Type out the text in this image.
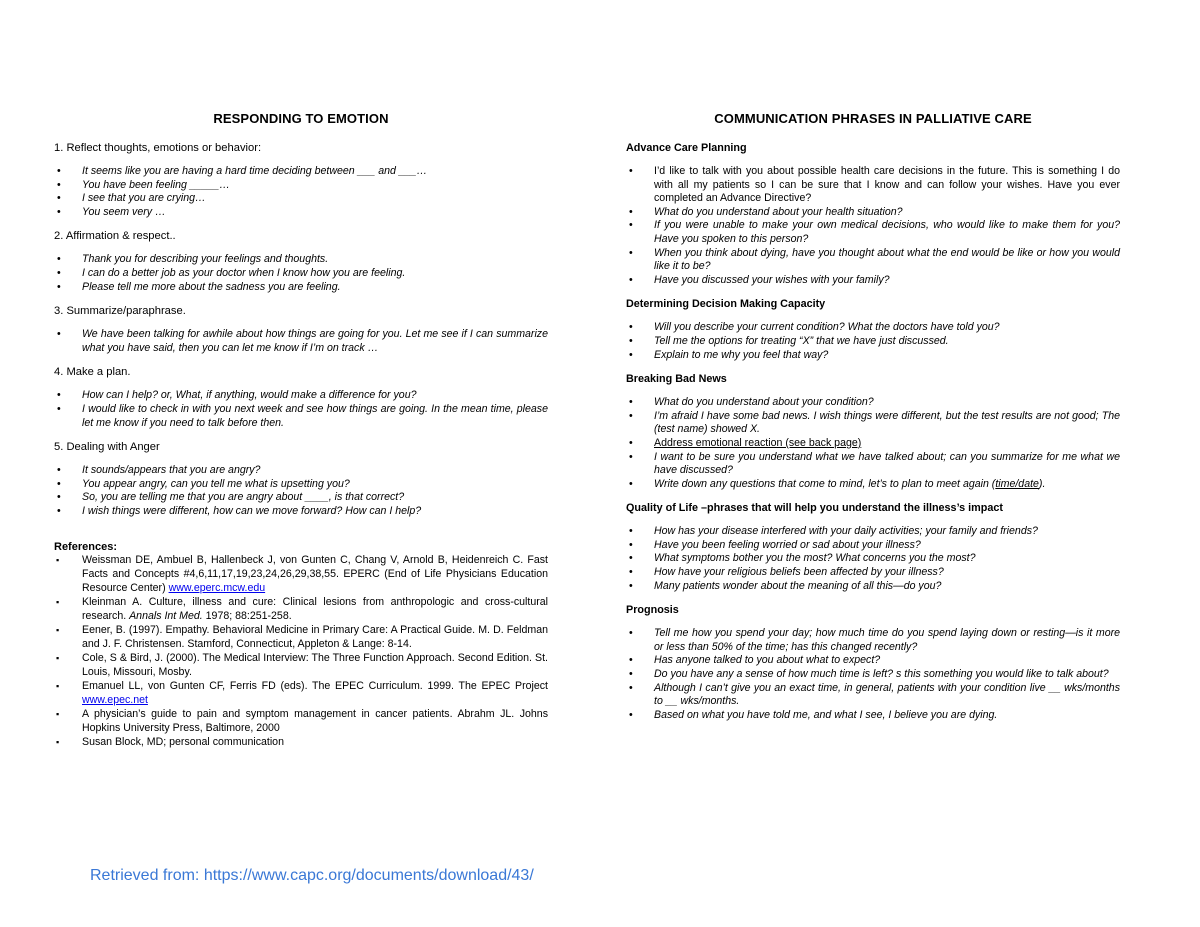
RESPONDING TO EMOTION
1. Reflect thoughts, emotions or behavior:
• It seems like you are having a hard time deciding between ___ and ___…
• You have been feeling _____…
• I see that you are crying…
• You seem very …
2. Affirmation & respect..
• Thank you for describing your feelings and thoughts.
• I can do a better job as your doctor when I know how you are feeling.
• Please tell me more about the sadness you are feeling.
3. Summarize/paraphrase.
• We have been talking for awhile about how things are going for you. Let me see if I can summarize what you have said, then you can let me know if I’m on track …
4. Make a plan.
• How can I help? or, What, if anything, would make a difference for you?
• I would like to check in with you next week and see how things are going. In the mean time, please let me know if you need to talk before then.
5. Dealing with Anger
• It sounds/appears that you are angry?
• You appear angry, can you tell me what is upsetting you?
• So, you are telling me that you are angry about ____, is that correct?
• I wish things were different, how can we move forward? How can I help?
References:
▪ Weissman DE, Ambuel B, Hallenbeck J, von Gunten C, Chang V, Arnold B, Heidenreich C. Fast Facts and Concepts #4,6,11,17,19,23,24,26,29,38,55. EPERC (End of Life Physicians Education Resource Center) www.eperc.mcw.edu
▪ Kleinman A. Culture, illness and cure: Clinical lesions from anthropologic and cross-cultural research. Annals Int Med. 1978; 88:251-258.
▪ Eener, B. (1997). Empathy. Behavioral Medicine in Primary Care: A Practical Guide. M. D. Feldman and J. F. Christensen. Stamford, Connecticut, Appleton & Lange: 8-14.
▪ Cole, S & Bird, J. (2000). The Medical Interview: The Three Function Approach. Second Edition. St. Louis, Missouri, Mosby.
▪ Emanuel LL, von Gunten CF, Ferris FD (eds). The EPEC Curriculum. 1999. The EPEC Project www.epec.net
▪ A physician’s guide to pain and symptom management in cancer patients. Abrahm JL. Johns Hopkins University Press, Baltimore, 2000
▪ Susan Block, MD; personal communication
COMMUNICATION PHRASES IN PALLIATIVE CARE
Advance Care Planning
• I’d like to talk with you about possible health care decisions in the future. This is something I do with all my patients so I can be sure that I know and can follow your wishes. Have you ever completed an Advance Directive?
• What do you understand about your health situation?
• If you were unable to make your own medical decisions, who would like to make them for you? Have you spoken to this person?
• When you think about dying, have you thought about what the end would be like or how you would like it to be?
• Have you discussed your wishes with your family?
Determining Decision Making Capacity
• Will you describe your current condition? What the doctors have told you?
• Tell me the options for treating “X” that we have just discussed.
• Explain to me why you feel that way?
Breaking Bad News
• What do you understand about your condition?
• I’m afraid I have some bad news. I wish things were different, but the test results are not good; The (test name) showed X.
• Address emotional reaction (see back page)
• I want to be sure you understand what we have talked about; can you summarize for me what we have discussed?
• Write down any questions that come to mind, let’s to plan to meet again (time/date).
Quality of Life –phrases that will help you understand the illness’s impact
• How has your disease interfered with your daily activities; your family and friends?
• Have you been feeling worried or sad about your illness?
• What symptoms bother you the most? What concerns you the most?
• How have your religious beliefs been affected by your illness?
• Many patients wonder about the meaning of all this—do you?
Prognosis
• Tell me how you spend your day; how much time do you spend laying down or resting—is it more or less than 50% of the time; has this changed recently?
• Has anyone talked to you about what to expect?
• Do you have any a sense of how much time is left? s this something you would like to talk about?
• Although I can’t give you an exact time, in general, patients with your condition live __ wks/months to __ wks/months.
• Based on what you have told me, and what I see, I believe you are dying.
Retrieved from: https://www.capc.org/documents/download/43/
